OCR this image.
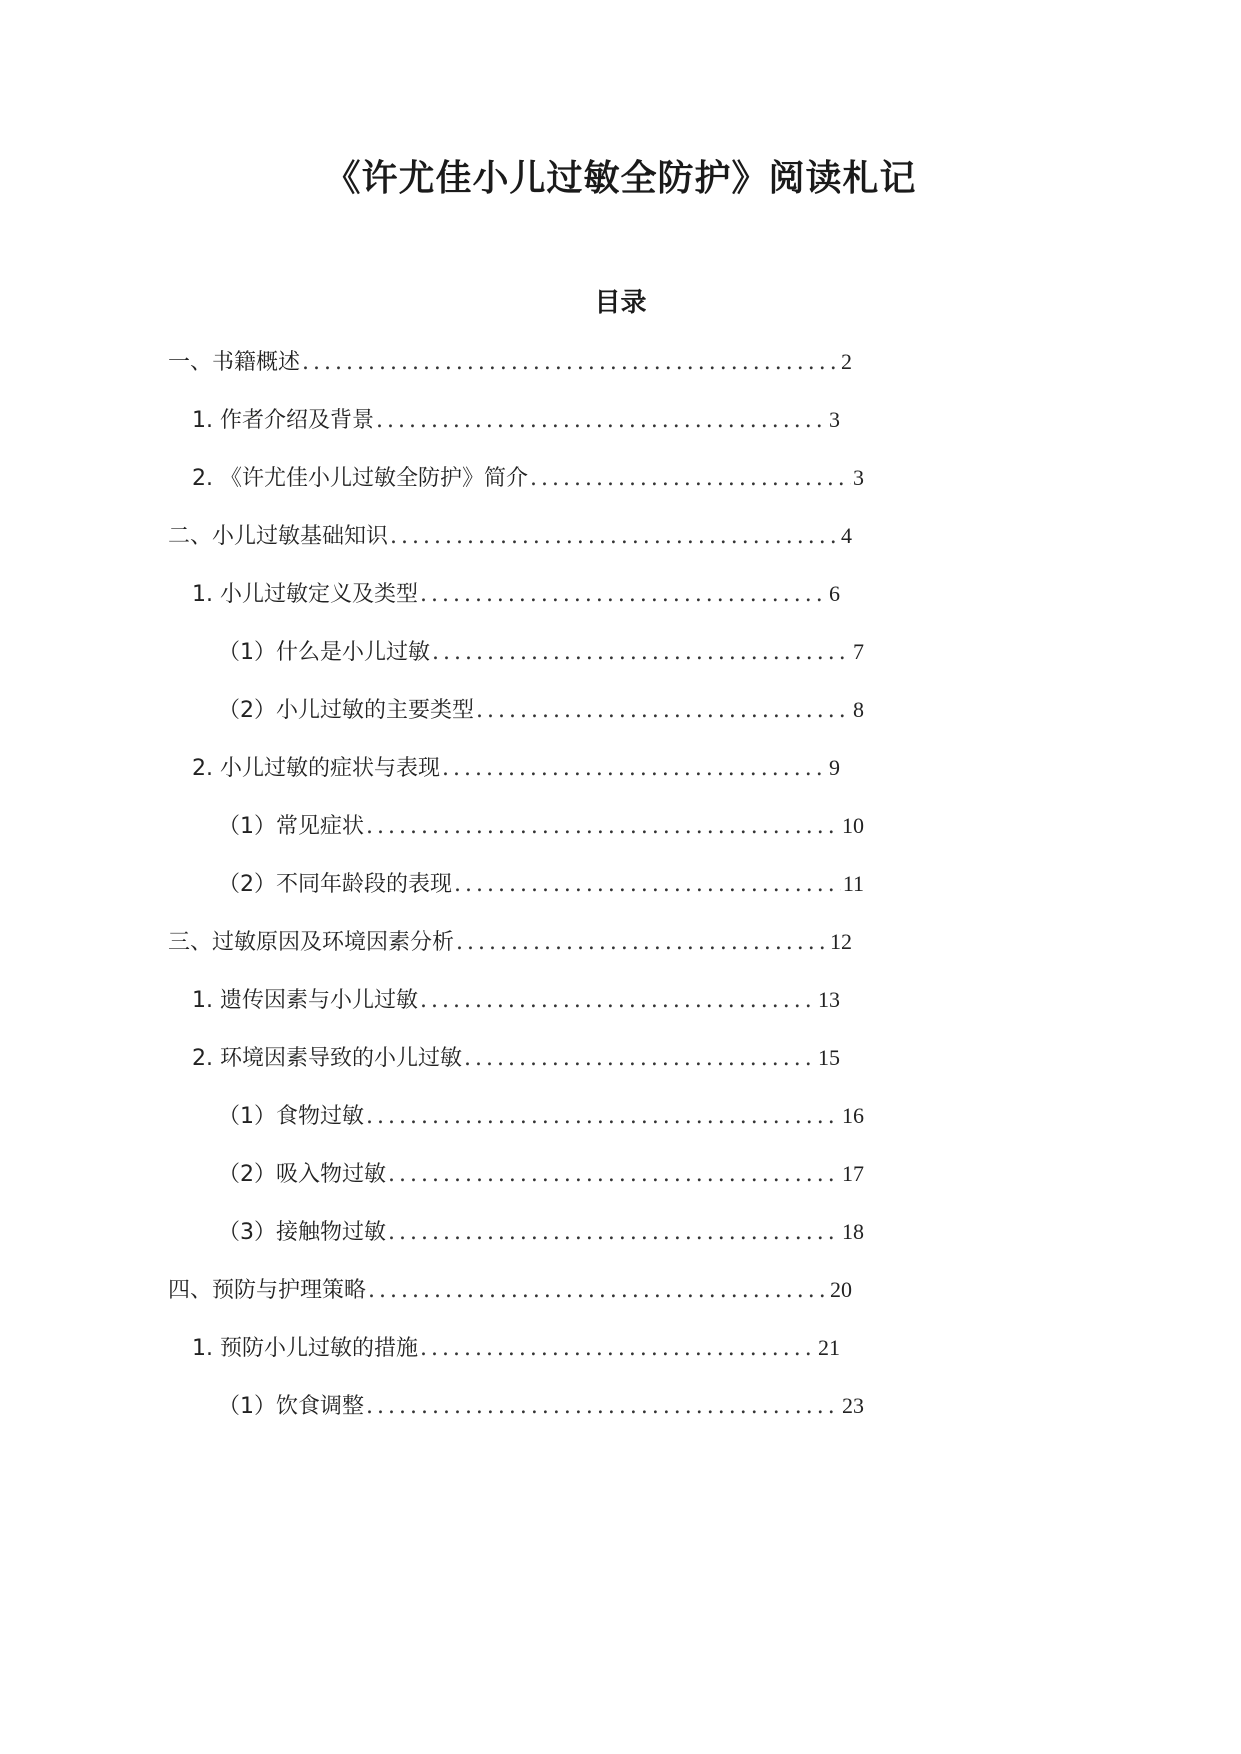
《许尤佳小儿过敏全防护》阅读札记
目录
一、书籍概述 .....	2
1. 作者介绍及背景 .....	3
2. 《许尤佳小儿过敏全防护》简介 .....	3
二、小儿过敏基础知识 .....	4
1. 小儿过敏定义及类型 .....	6
（1）什么是小儿过敏 .....	7
（2）小儿过敏的主要类型 .....	8
2. 小儿过敏的症状与表现 .....	9
（1）常见症状 .....	10
（2）不同年龄段的表现 .....	11
三、过敏原因及环境因素分析 .....	12
1. 遗传因素与小儿过敏 .....	13
2. 环境因素导致的小儿过敏 .....	15
（1）食物过敏 .....	16
（2）吸入物过敏 .....	17
（3）接触物过敏 .....	18
四、预防与护理策略 .....	20
1. 预防小儿过敏的措施 .....	21
（1）饮食调整 .....	23
